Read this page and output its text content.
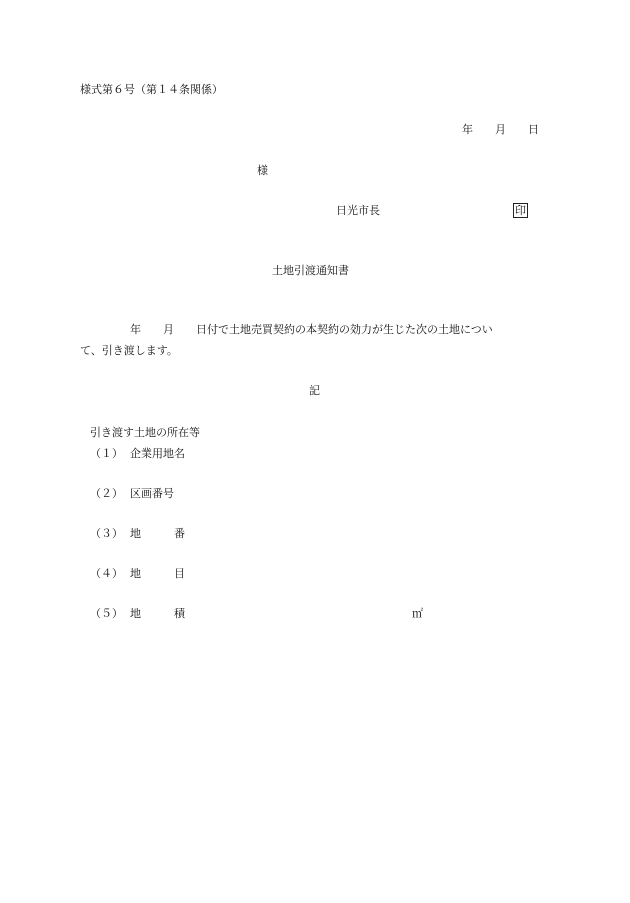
様式第６号（第１４条関係）
年　　月　　日
様
日光市長	印
土地引渡通知書
年　　月　　日付で土地売買契約の本契約の効力が生じた次の土地につい
て、引き渡します。
記
引き渡す土地の所在等
（１） 企業用地名
（２） 区画番号
（３） 地　　　番
（４） 地　　　目
（５） 地　　　積	㎡
